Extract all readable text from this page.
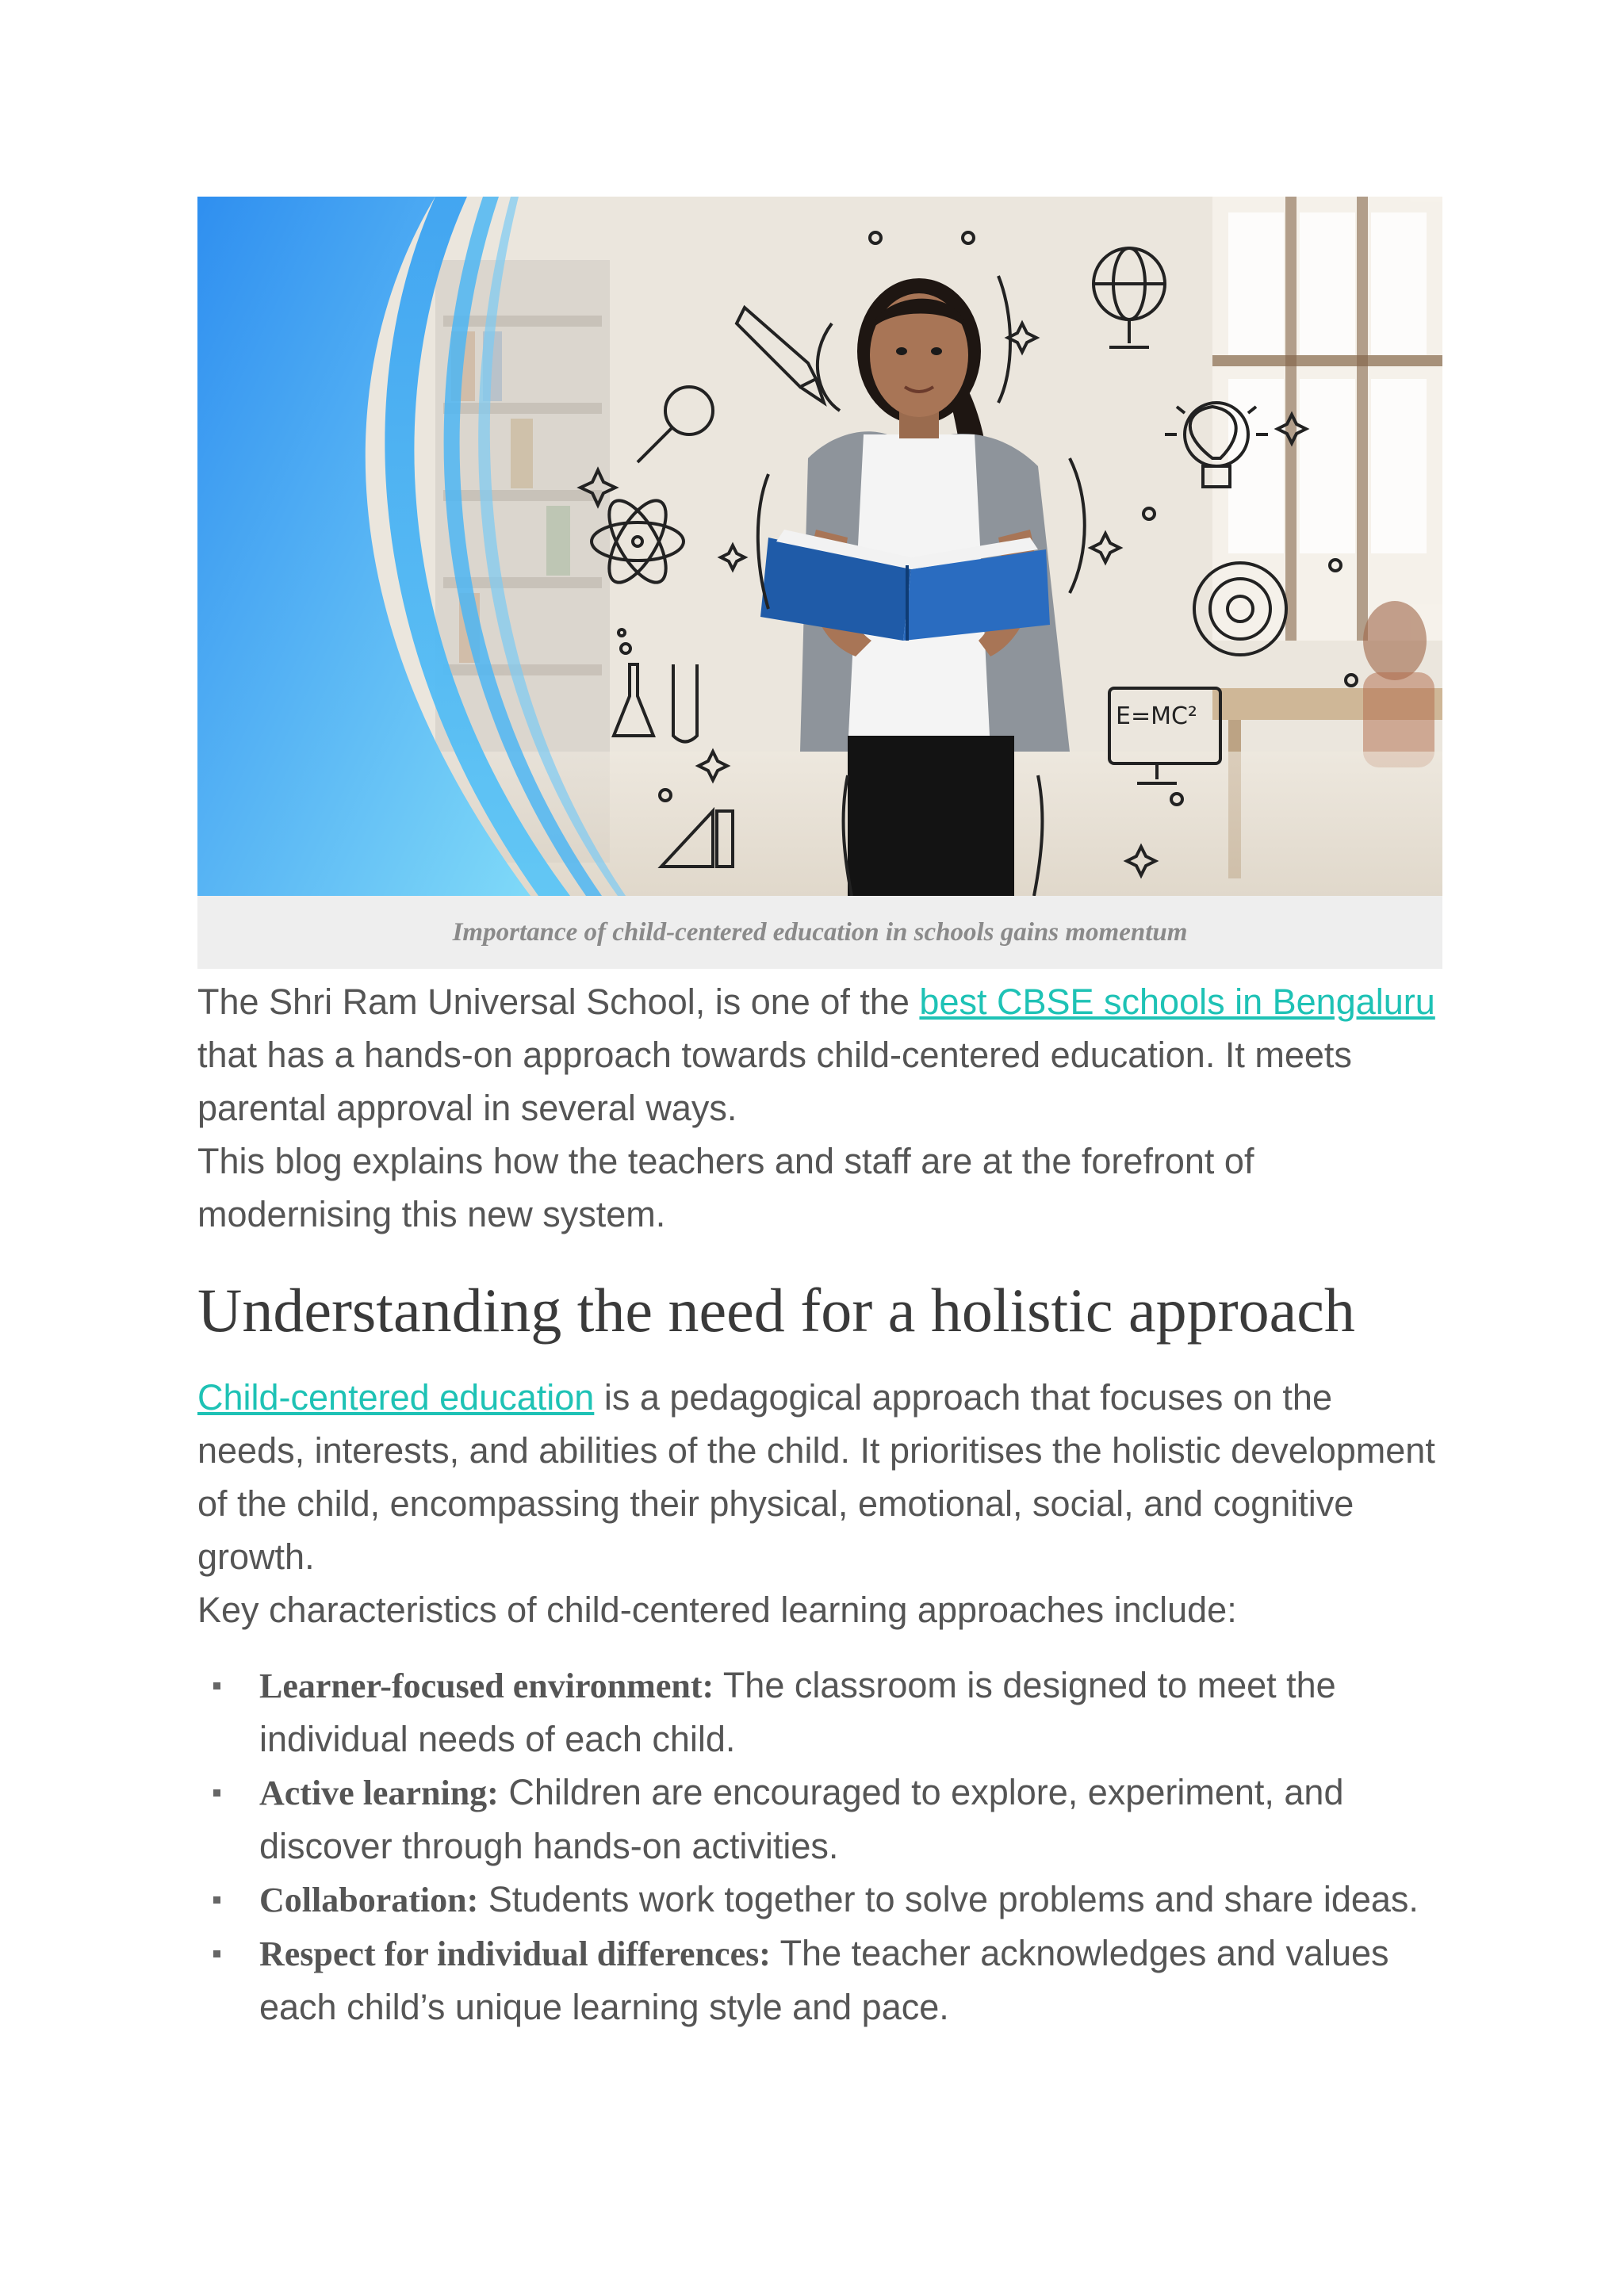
E=MC²
Importance of child-centered education in schools gains momentum

The Shri Ram Universal School, is one of the best CBSE schools in Bengaluru that has a hands-on approach towards child-centered education. It meets parental approval in several ways.

This blog explains how the teachers and staff are at the forefront of modernising this new system.

Understanding the need for a holistic approach

Child-centered education is a pedagogical approach that focuses on the needs, interests, and abilities of the child. It prioritises the holistic development of the child, encompassing their physical, emotional, social, and cognitive growth.

Key characteristics of child-centered learning approaches include:

Learner-focused environment: The classroom is designed to meet the individual needs of each child.
Active learning: Children are encouraged to explore, experiment, and discover through hands-on activities.
Collaboration: Students work together to solve problems and share ideas.
Respect for individual differences: The teacher acknowledges and values each child’s unique learning style and pace.
